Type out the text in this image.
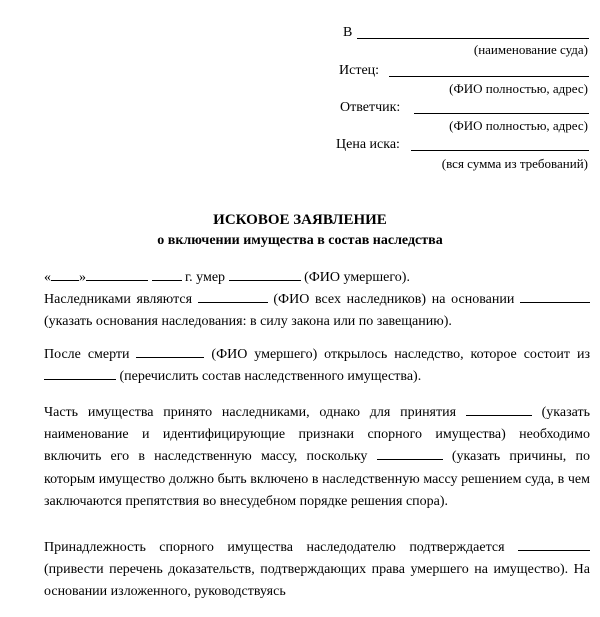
В
(наименование суда)
Истец:
(ФИО полностью, адрес)
Ответчик:
(ФИО полностью, адрес)
Цена иска:
(вся сумма из требований)
ИСКОВОЕ ЗАЯВЛЕНИЕ
о включении имущества в состав наследства
« »	г. умер	(ФИО умершего).
Наследниками являются	(ФИО всех наследников) на основании  (указать основания наследования: в силу закона или по завещанию).
После смерти	(ФИО умершего) открылось наследство, которое состоит из  (перечислить состав наследственного имущества).
Часть имущества принято наследниками, однако для принятия	(указать наименование и идентифицирующие признаки спорного имущества) необходимо включить его в наследственную массу, поскольку	(указать причины, по которым имущество должно быть включено в наследственную массу решением суда, в чем заключаются препятствия во внесудебном порядке решения спора).
Принадлежность спорного имущества наследодателю подтверждается  (привести перечень доказательств, подтверждающих права умершего на имущество). На основании изложенного, руководствуясь
